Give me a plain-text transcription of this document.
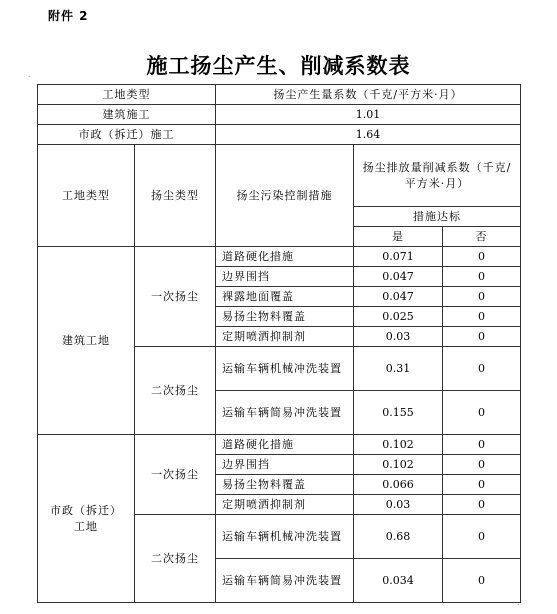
附件 2
施工扬尘产生、削减系数表
.
.
工地类型		扬尘产生量系数（千克/平方米·月）		
建筑施工		1.01		
市政（拆迁）施工		1.64		
工地类型	扬尘类型	扬尘污染控制措施	扬尘排放量削减系数（千克/平方米·月）	
			措施达标	
			是	否
建筑工地	一次扬尘	道路硬化措施	0.071	0
		边界围挡	0.047	0
		裸露地面覆盖	0.047	0
		易扬尘物料覆盖	0.025	0
		定期喷洒抑制剂	0.03	0
	二次扬尘	运输车辆机械冲洗装置	0.31	0
		运输车辆简易冲洗装置	0.155	0
市政（拆迁）工地	一次扬尘	道路硬化措施	0.102	0
		边界围挡	0.102	0
		易扬尘物料覆盖	0.066	0
		定期喷洒抑制剂	0.03	0
	二次扬尘	运输车辆机械冲洗装置	0.68	0
		运输车辆简易冲洗装置	0.034	0
